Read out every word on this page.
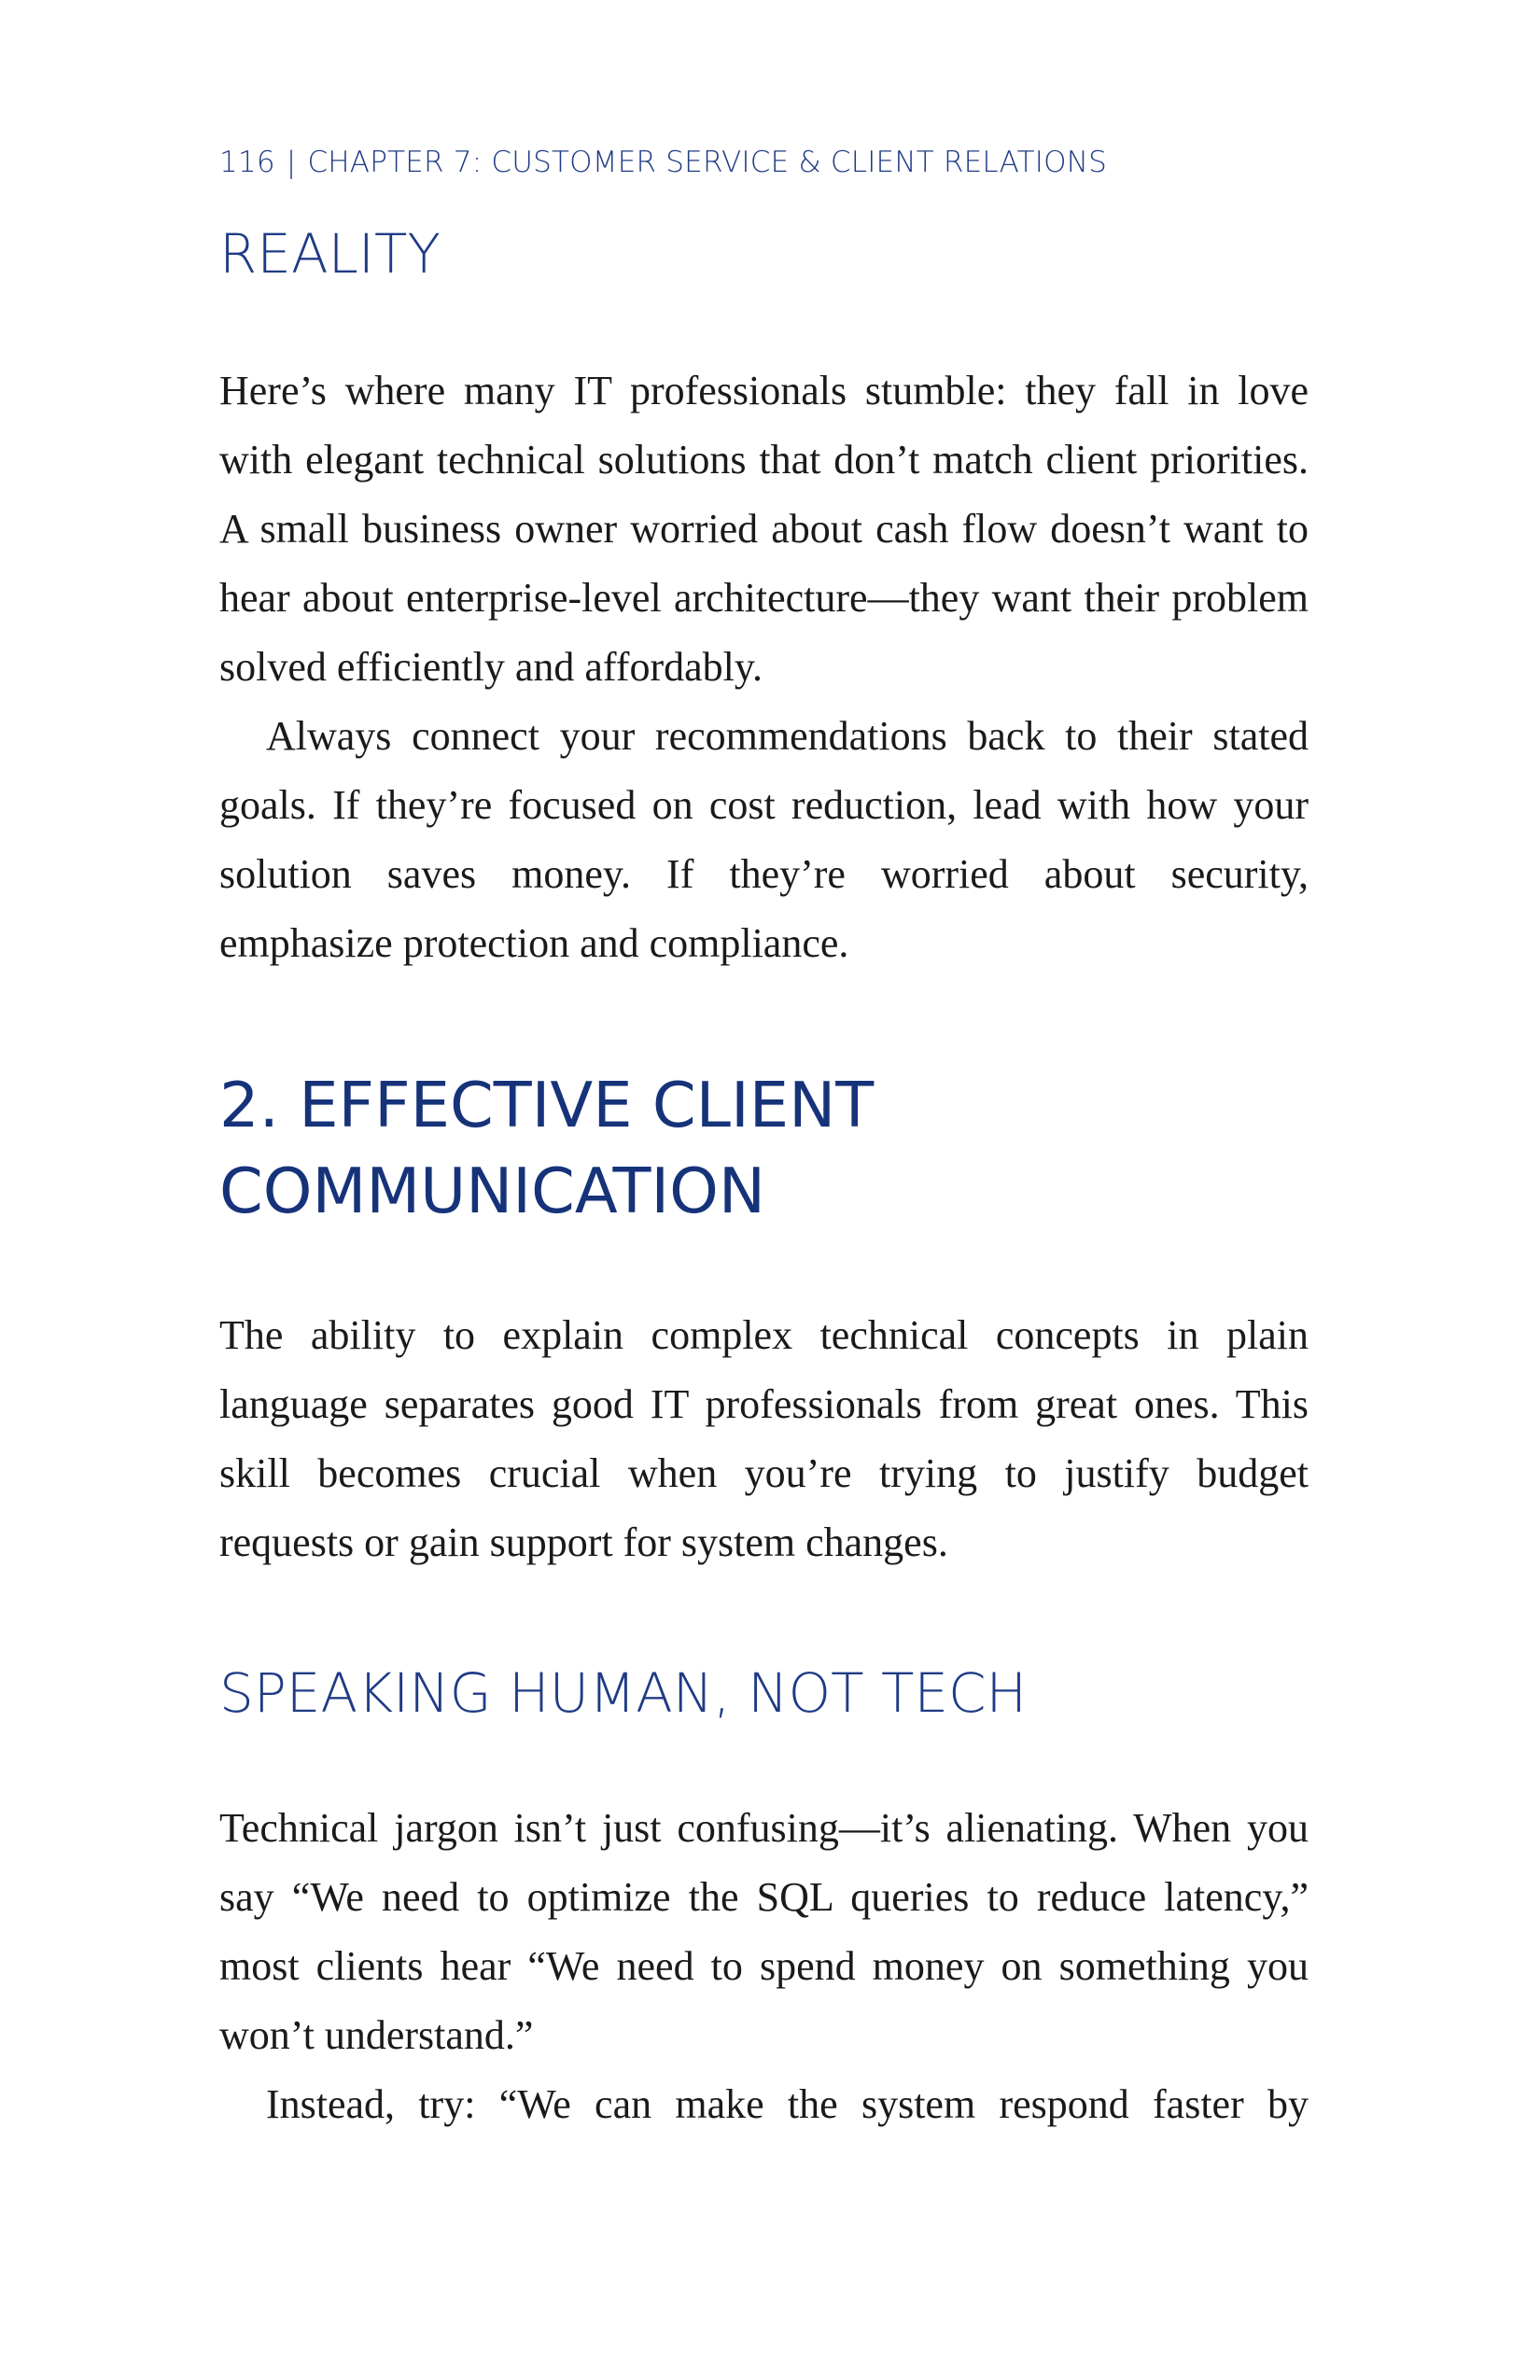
116 | CHAPTER 7: CUSTOMER SERVICE & CLIENT RELATIONS
REALITY

Here’s where many IT professionals stumble: they fall in love with elegant technical solutions that don’t match client priorities. A small business owner worried about cash flow doesn’t want to hear about enterprise-level architecture—they want their problem solved efficiently and affordably.

Always connect your recommendations back to their stated goals. If they’re focused on cost reduction, lead with how your solution saves money. If they’re worried about security, emphasize protection and compliance.

2. EFFECTIVE CLIENT
COMMUNICATION

The ability to explain complex technical concepts in plain language separates good IT professionals from great ones. This skill becomes crucial when you’re trying to justify budget requests or gain support for system changes.

SPEAKING HUMAN, NOT TECH

Technical jargon isn’t just confusing—it’s alienating. When you say “We need to optimize the SQL queries to reduce latency,” most clients hear “We need to spend money on something you won’t understand.”

Instead, try: “We can make the system respond faster by
